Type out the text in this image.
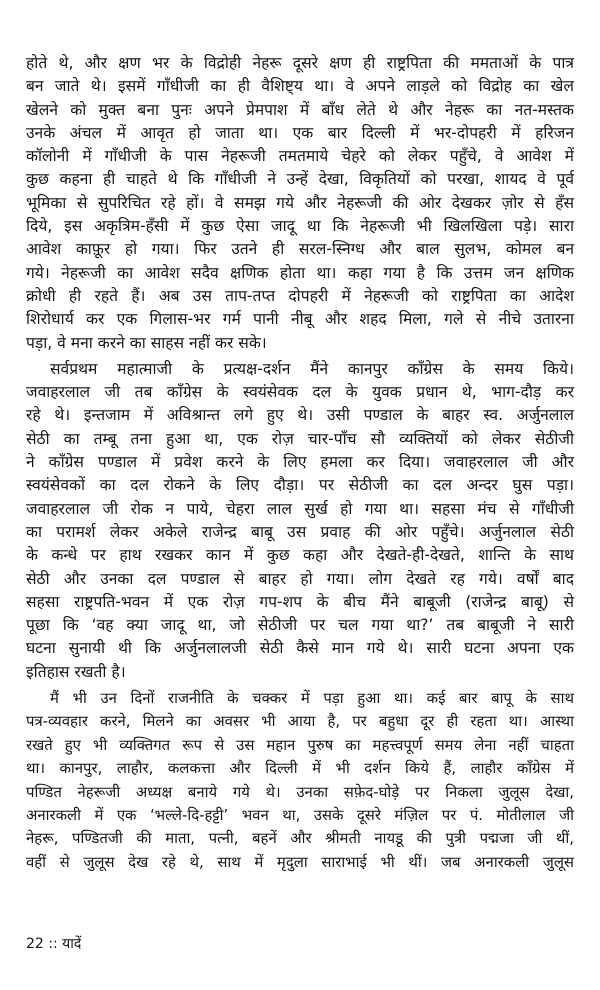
होते थे, और क्षण भर के विद्रोही नेहरू दूसरे क्षण ही राष्ट्रपिता की ममताओं के पात्र
बन जाते थे। इसमें गाँधीजी का ही वैशिष्ट्य था। वे अपने लाड़ले को विद्रोह का खेल
खेलने को मुक्त बना पुनः अपने प्रेमपाश में बाँध लेते थे और नेहरू का नत-मस्तक
उनके अंचल में आवृत हो जाता था। एक बार दिल्ली में भर-दोपहरी में हरिजन
कॉलोनी में गाँधीजी के पास नेहरूजी तमतमाये चेहरे को लेकर पहुँचे, वे आवेश में
कुछ कहना ही चाहते थे कि गाँधीजी ने उन्हें देखा, विकृतियों को परखा, शायद वे पूर्व
भूमिका से सुपरिचित रहे हों। वे समझ गये और नेहरूजी की ओर देखकर ज़ोर से हँस
दिये, इस अकृत्रिम-हँसी में कुछ ऐसा जादू था कि नेहरूजी भी खिलखिला पड़े। सारा
आवेश काफ़ूर हो गया। फिर उतने ही सरल-स्निग्ध और बाल सुलभ, कोमल बन
गये। नेहरूजी का आवेश सदैव क्षणिक होता था। कहा गया है कि उत्तम जन क्षणिक
क्रोधी ही रहते हैं। अब उस ताप-तप्त दोपहरी में नेहरूजी को राष्ट्रपिता का आदेश
शिरोधार्य कर एक गिलास-भर गर्म पानी नीबू और शहद मिला, गले से नीचे उतारना
पड़ा, वे मना करने का साहस नहीं कर सके।
सर्वप्रथम महात्माजी के प्रत्यक्ष-दर्शन मैंने कानपुर कॉंग्रेस के समय किये।
जवाहरलाल जी तब कॉंग्रेस के स्वयंसेवक दल के युवक प्रधान थे, भाग-दौड़ कर
रहे थे। इन्तजाम में अविश्रान्त लगे हुए थे। उसी पण्डाल के बाहर स्व. अर्जुनलाल
सेठी का तम्बू तना हुआ था, एक रोज़ चार-पाँच सौ व्यक्तियों को लेकर सेठीजी
ने कॉंग्रेस पण्डाल में प्रवेश करने के लिए हमला कर दिया। जवाहरलाल जी और
स्वयंसेवकों का दल रोकने के लिए दौड़ा। पर सेठीजी का दल अन्दर घुस पड़ा।
जवाहरलाल जी रोक न पाये, चेहरा लाल सुर्ख हो गया था। सहसा मंच से गाँधीजी
का परामर्श लेकर अकेले राजेन्द्र बाबू उस प्रवाह की ओर पहुँचे। अर्जुनलाल सेठी
के कन्धे पर हाथ रखकर कान में कुछ कहा और देखते-ही-देखते, शान्ति के साथ
सेठी और उनका दल पण्डाल से बाहर हो गया। लोग देखते रह गये। वर्षों बाद
सहसा राष्ट्रपति-भवन में एक रोज़ गप-शप के बीच मैंने बाबूजी (राजेन्द्र बाबू) से
पूछा कि ‘वह क्या जादू था, जो सेठीजी पर चल गया था?’ तब बाबूजी ने सारी
घटना सुनायी थी कि अर्जुनलालजी सेठी कैसे मान गये थे। सारी घटना अपना एक
इतिहास रखती है।
मैं भी उन दिनों राजनीति के चक्कर में पड़ा हुआ था। कई बार बापू के साथ
पत्र-व्यवहार करने, मिलने का अवसर भी आया है, पर बहुधा दूर ही रहता था। आस्था
रखते हुए भी व्यक्तिगत रूप से उस महान पुरुष का महत्त्वपूर्ण समय लेना नहीं चाहता
था। कानपुर, लाहौर, कलकत्ता और दिल्ली में भी दर्शन किये हैं, लाहौर कॉंग्रेस में
पण्डित नेहरूजी अध्यक्ष बनाये गये थे। उनका सफ़ेद-घोड़े पर निकला जुलूस देखा,
अनारकली में एक ‘भल्ले-दि-हट्टी’ भवन था, उसके दूसरे मंज़िल पर पं. मोतीलाल जी
नेहरू, पण्डितजी की माता, पत्नी, बहनें और श्रीमती नायडू की पुत्री पद्मजा जी थीं,
वहीं से जुलूस देख रहे थे, साथ में मृदुला साराभाई भी थीं। जब अनारकली जुलूस
22 :: यादें
